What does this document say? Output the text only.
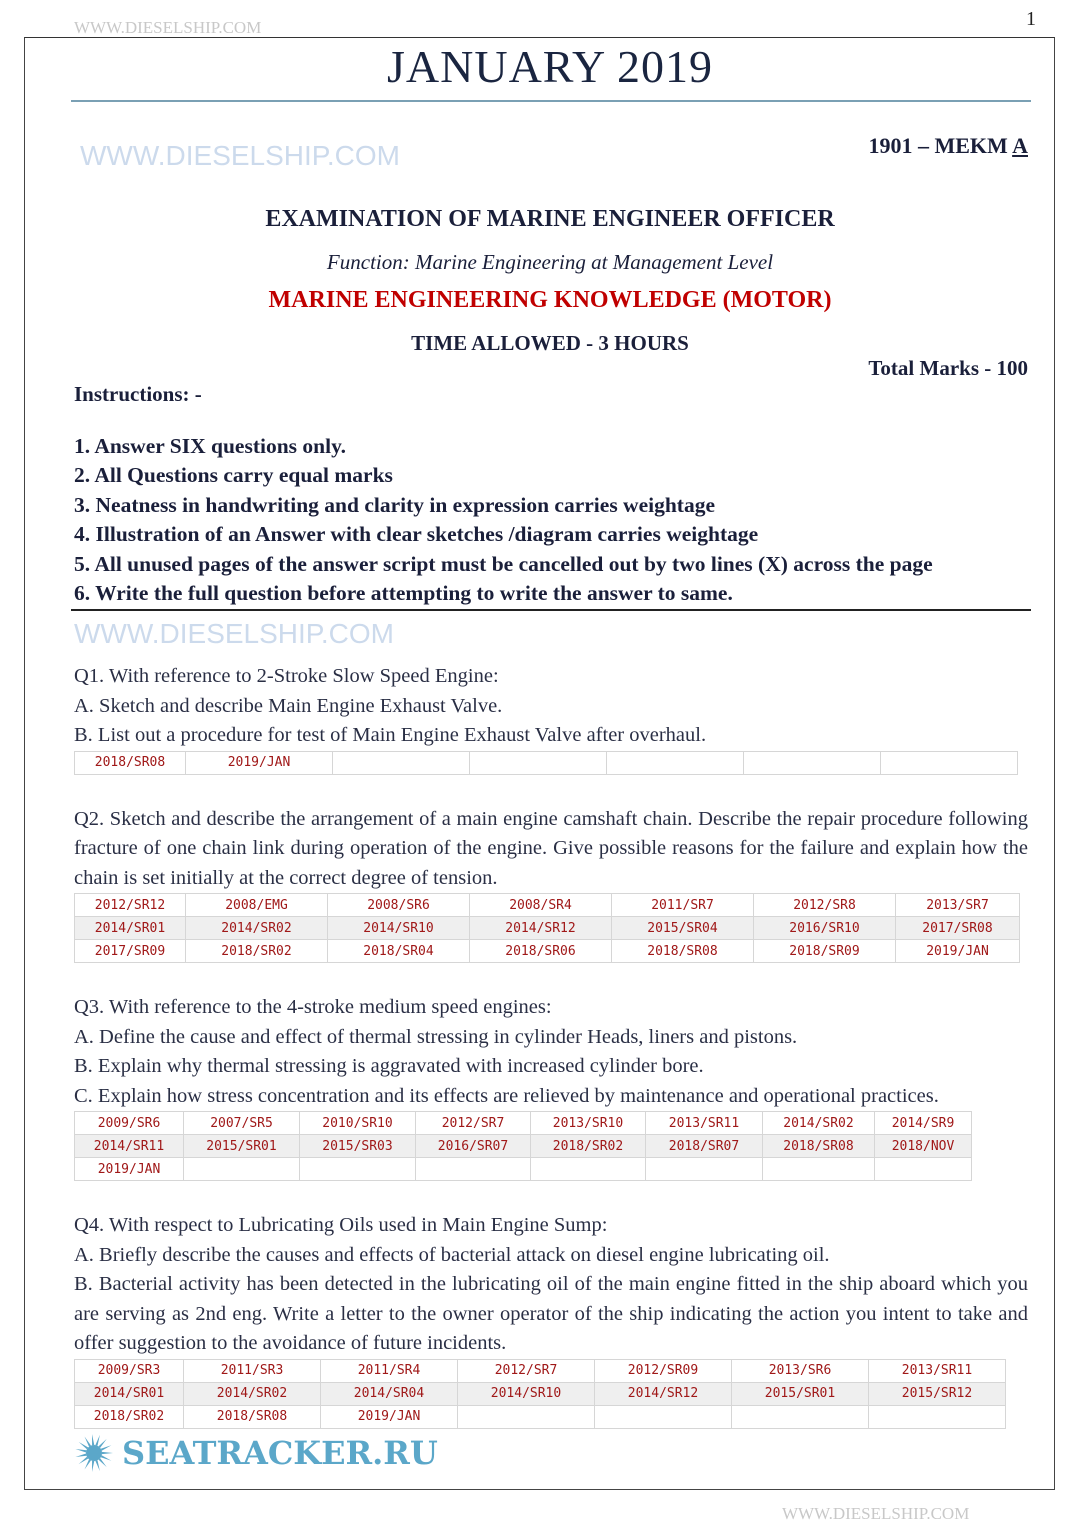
WWW.DIESELSHIP.COM	1
JANUARY 2019
WWW.DIESELSHIP.COM	1901 – MEKM A
EXAMINATION OF MARINE ENGINEER OFFICER
Function: Marine Engineering at Management Level
MARINE ENGINEERING KNOWLEDGE (MOTOR)
TIME ALLOWED - 3 HOURS
Total Marks - 100
Instructions: -
1. Answer SIX questions only.
2. All Questions carry equal marks
3. Neatness in handwriting and clarity in expression carries weightage
4. Illustration of an Answer with clear sketches /diagram carries weightage
5. All unused pages of the answer script must be cancelled out by two lines (X) across the page
6. Write the full question before attempting to write the answer to same.
WWW.DIESELSHIP.COM
Q1. With reference to 2-Stroke Slow Speed Engine:
A. Sketch and describe Main Engine Exhaust Valve.
B. List out a procedure for test of Main Engine Exhaust Valve after overhaul.
2018/SR08	2019/JAN					
Q2. Sketch and describe the arrangement of a main engine camshaft chain. Describe the repair procedure following fracture of one chain link during operation of the engine. Give possible reasons for the failure and explain how the chain is set initially at the correct degree of tension.
2012/SR12	2008/EMG	2008/SR6	2008/SR4	2011/SR7	2012/SR8	2013/SR7
2014/SR01	2014/SR02	2014/SR10	2014/SR12	2015/SR04	2016/SR10	2017/SR08
2017/SR09	2018/SR02	2018/SR04	2018/SR06	2018/SR08	2018/SR09	2019/JAN
Q3. With reference to the 4-stroke medium speed engines:
A. Define the cause and effect of thermal stressing in cylinder Heads, liners and pistons.
B. Explain why thermal stressing is aggravated with increased cylinder bore.
C. Explain how stress concentration and its effects are relieved by maintenance and operational practices.
2009/SR6	2007/SR5	2010/SR10	2012/SR7	2013/SR10	2013/SR11	2014/SR02	2014/SR9
2014/SR11	2015/SR01	2015/SR03	2016/SR07	2018/SR02	2018/SR07	2018/SR08	2018/NOV
2019/JAN							
Q4. With respect to Lubricating Oils used in Main Engine Sump:
A. Briefly describe the causes and effects of bacterial attack on diesel engine lubricating oil.
B. Bacterial activity has been detected in the lubricating oil of the main engine fitted in the ship aboard which you are serving as 2nd eng. Write a letter to the owner operator of the ship indicating the action you intent to take and offer suggestion to the avoidance of future incidents.
2009/SR3	2011/SR3	2011/SR4	2012/SR7	2012/SR09	2013/SR6	2013/SR11
2014/SR01	2014/SR02	2014/SR04	2014/SR10	2014/SR12	2015/SR01	2015/SR12
2018/SR02	2018/SR08	2019/JAN				
SEATRACKER.RU
WWW.DIESELSHIP.COM
